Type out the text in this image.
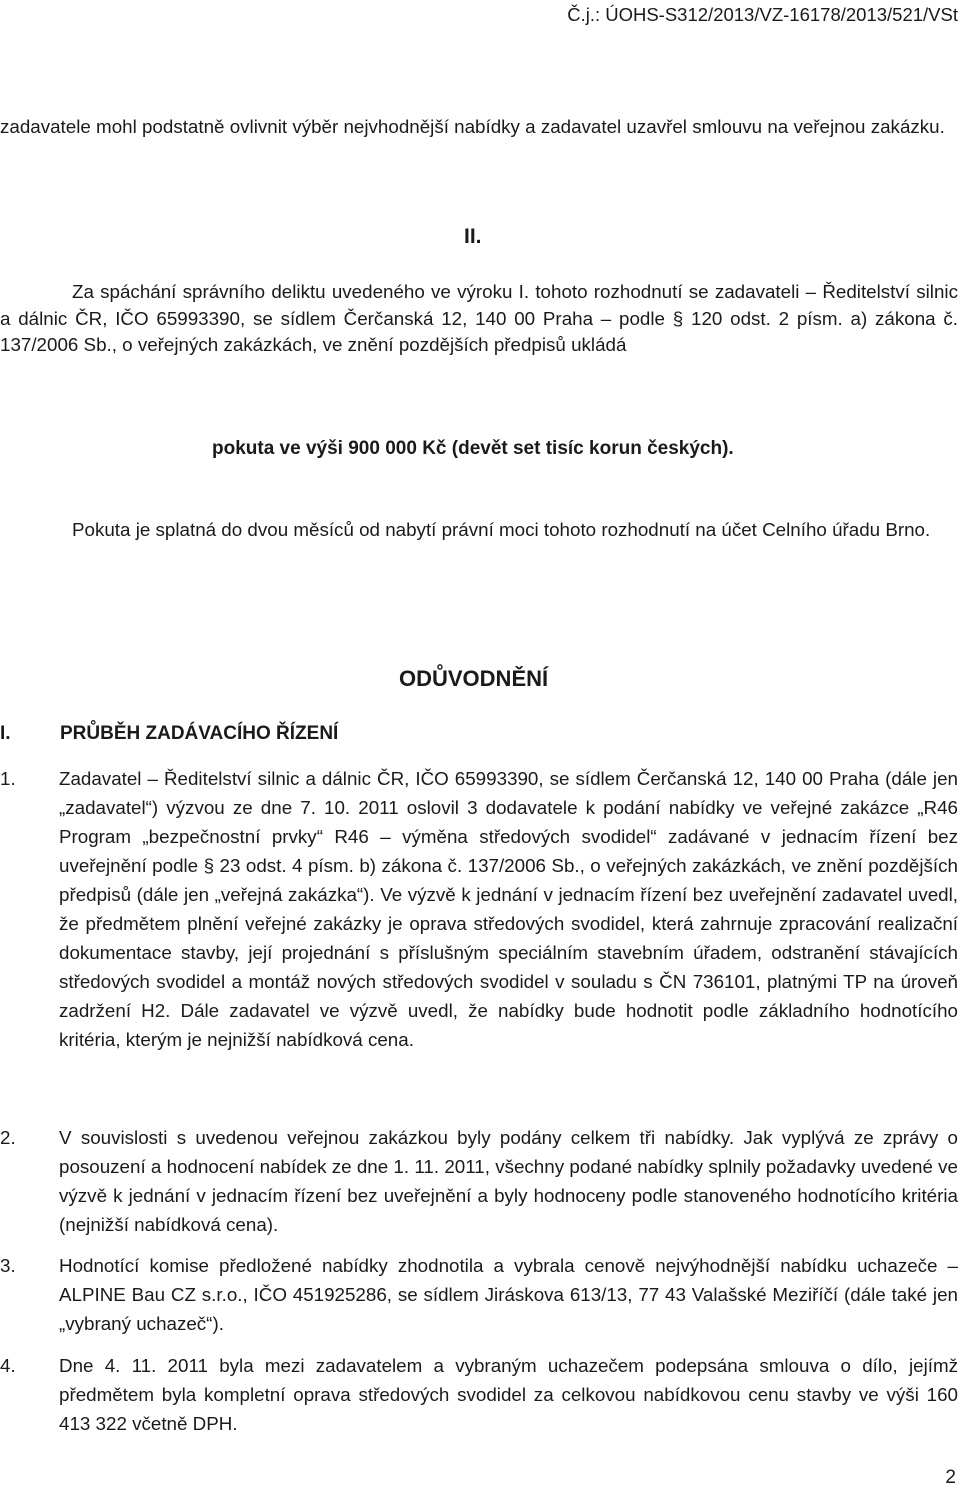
Č.j.: ÚOHS-S312/2013/VZ-16178/2013/521/VSt

zadavatele mohl podstatně ovlivnit výběr nejvhodnější nabídky a zadavatel uzavřel smlouvu na veřejnou zakázku.

II.

Za spáchání správního deliktu uvedeného ve výroku I. tohoto rozhodnutí se zadavateli – Ředitelství silnic a dálnic ČR, IČO 65993390, se sídlem Čerčanská 12, 140 00 Praha – podle § 120 odst. 2 písm. a) zákona č. 137/2006 Sb., o veřejných zakázkách, ve znění pozdějších předpisů ukládá

pokuta ve výši 900 000 Kč (devět set tisíc korun českých).

Pokuta je splatná do dvou měsíců od nabytí právní moci tohoto rozhodnutí na účet Celního úřadu Brno.

ODŮVODNĚNÍ

I.	PRŮBĚH ZADÁVACÍHO ŘÍZENÍ

1.	Zadavatel – Ředitelství silnic a dálnic ČR, IČO 65993390, se sídlem Čerčanská 12, 140 00 Praha (dále jen „zadavatel“) výzvou ze dne 7. 10. 2011 oslovil 3 dodavatele k podání nabídky ve veřejné zakázce „R46 Program „bezpečnostní prvky“ R46 – výměna středových svodidel“ zadávané v jednacím řízení bez uveřejnění podle § 23 odst. 4 písm. b) zákona č. 137/2006 Sb., o veřejných zakázkách, ve znění pozdějších předpisů (dále jen „veřejná zakázka“). Ve výzvě k jednání v jednacím řízení bez uveřejnění zadavatel uvedl, že předmětem plnění veřejné zakázky je oprava středových svodidel, která zahrnuje zpracování realizační dokumentace stavby, její projednání s příslušným speciálním stavebním úřadem, odstranění stávajících středových svodidel a montáž nových středových svodidel v souladu s ČN 736101, platnými TP na úroveň zadržení H2. Dále zadavatel ve výzvě uvedl, že nabídky bude hodnotit podle základního hodnotícího kritéria, kterým je nejnižší nabídková cena.
2.	V souvislosti s uvedenou veřejnou zakázkou byly podány celkem tři nabídky. Jak vyplývá ze zprávy o posouzení a hodnocení nabídek ze dne 1. 11. 2011, všechny podané nabídky splnily požadavky uvedené ve výzvě k jednání v jednacím řízení bez uveřejnění a byly hodnoceny podle stanoveného hodnotícího kritéria (nejnižší nabídková cena).
3.	Hodnotící komise předložené nabídky zhodnotila a vybrala cenově nejvýhodnější nabídku uchazeče – ALPINE Bau CZ s.r.o., IČO 451925286, se sídlem Jiráskova 613/13, 77 43 Valašské Meziříčí (dále také jen „vybraný uchazeč“).
4.	Dne 4. 11. 2011 byla mezi zadavatelem a vybraným uchazečem podepsána smlouva o dílo, jejímž předmětem byla kompletní oprava středových svodidel za celkovou nabídkovou cenu stavby ve výši 160 413 322 včetně DPH.
2
